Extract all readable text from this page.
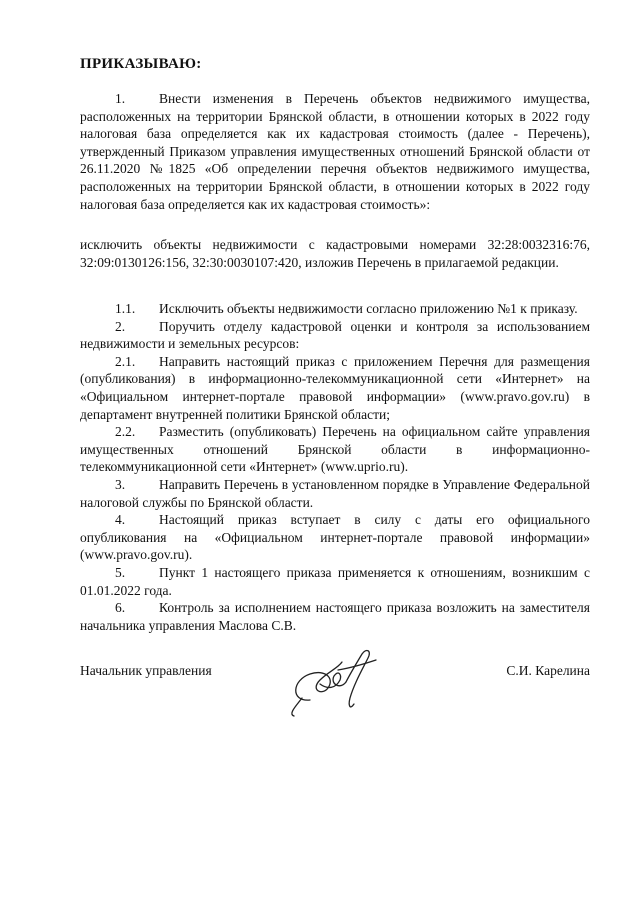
ПРИКАЗЫВАЮ:

1.	Внести изменения в Перечень объектов недвижимого имущества, расположенных на территории Брянской области, в отношении которых в 2022 году налоговая база определяется как их кадастровая стоимость (далее - Перечень), утвержденный Приказом управления имущественных отношений Брянской области от 26.11.2020 №1825 «Об определении перечня объектов недвижимого имущества, расположенных на территории Брянской области, в отношении которых в 2022 году налоговая база определяется как их кадастровая стоимость»:

исключить объекты недвижимости с кадастровыми номерами 32:28:0032316:76, 32:09:0130126:156, 32:30:0030107:420, изложив Перечень в прилагаемой редакции.

1.1. Исключить объекты недвижимости согласно приложению №1 к приказу.

2.	Поручить отделу кадастровой оценки и контроля за использованием недвижимости и земельных ресурсов:

2.1. Направить настоящий приказ с приложением Перечня для размещения (опубликования) в информационно-телекоммуникационной сети «Интернет» на «Официальном интернет-портале правовой информации» (www.pravo.gov.ru) в департамент внутренней политики Брянской области;

2.2. Разместить (опубликовать) Перечень на официальном сайте управления имущественных отношений Брянской области в информационно-телекоммуникационной сети «Интернет» (www.uprio.ru).

3.	Направить Перечень в установленном порядке в Управление Федеральной налоговой службы по Брянской области.

4.	Настоящий приказ вступает в силу с даты его официального опубликования на «Официальном интернет-портале правовой информации» (www.pravo.gov.ru).

5.	Пункт 1 настоящего приказа применяется к отношениям, возникшим с 01.01.2022 года.

6.	Контроль за исполнением настоящего приказа возложить на заместителя начальника управления Маслова С.В.

Начальник управления	С.И. Карелина
